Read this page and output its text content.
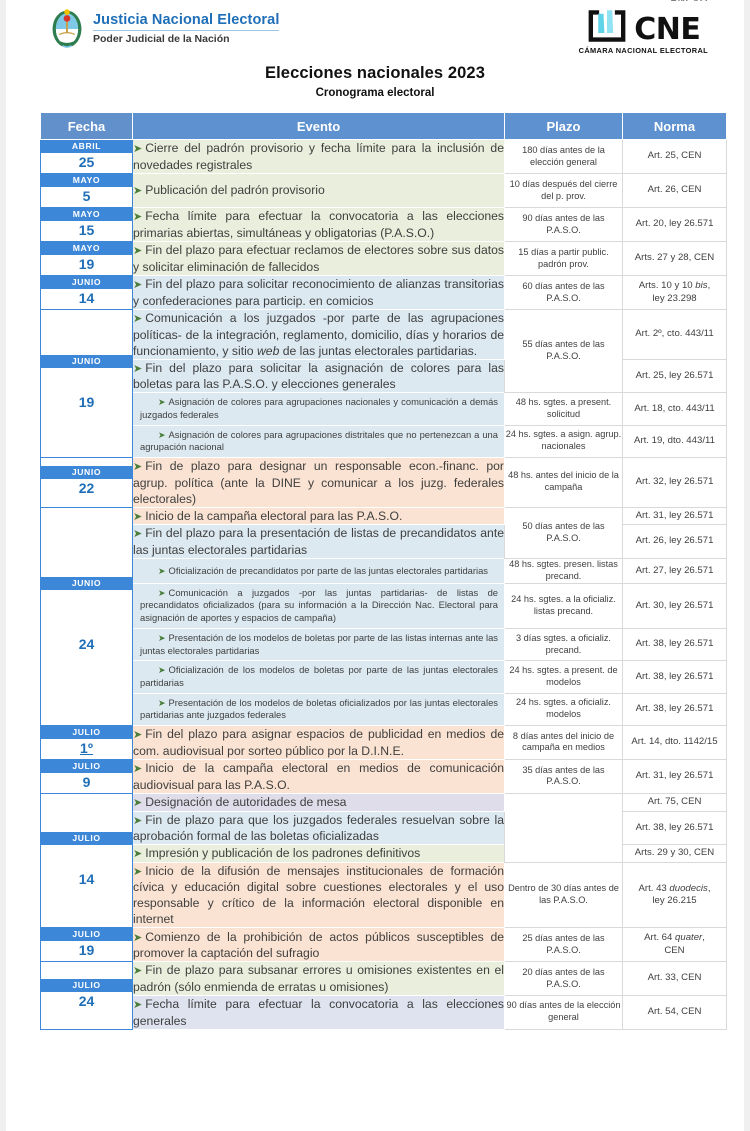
Justicia Nacional Electoral
Poder Judicial de la Nación	CNE
CÁMARA NACIONAL ELECTORAL
Elecciones nacionales 2023
Cronograma electoral
Fecha	Evento	Plazo	Norma

ABRIL
25	➤ Cierre del padrón provisorio y fecha límite para la inclusión de novedades registrales	180 días antes de la elección general	Art. 25, CEN

MAYO
5	➤ Publicación del padrón provisorio	10 días después del cierre del p. prov.	Art. 26, CEN

MAYO
15	➤ Fecha límite para efectuar la convocatoria a las elecciones primarias abiertas, simultáneas y obligatorias (P.A.S.O.)	90 días antes de las P.A.S.O.	Art. 20, ley 26.571

MAYO
19	➤ Fin del plazo para efectuar reclamos de electores sobre sus datos y solicitar eliminación de fallecidos	15 días a partir public. padrón prov.	Arts. 27 y 28, CEN

JUNIO
14	➤ Fin del plazo para solicitar reconocimiento de alianzas transitorias y confederaciones para particip. en comicios	60 días antes de las P.A.S.O.	Arts. 10 y 10 bis,
ley 23.298

JUNIO
19	➤ Comunicación a los juzgados -por parte de las agrupaciones políticas- de la integración, reglamento, domicilio, días y horarios de funcionamiento, y sitio web de las juntas electorales partidarias.	55 días antes de las P.A.S.O.	Art. 2º, cto. 443/11
	➤ Fin del plazo para solicitar la asignación de colores para las boletas para las P.A.S.O. y elecciones generales		Art. 25, ley 26.571

	➤ Asignación de colores para agrupaciones nacionales y comunicación a demás juzgados federales	48 hs. sgtes. a present. solicitud	Art. 18, cto. 443/11

	➤ Asignación de colores para agrupaciones distritales que no pertenezcan a una agrupación nacional	24 hs. sgtes. a asign. agrup. nacionales	Art. 19, dto. 443/11

JUNIO
22	➤ Fin de plazo para designar un responsable econ.-financ. por agrup. política (ante la DINE y comunicar a los juzg. federales electorales)	48 hs. antes del inicio de la campaña	Art. 32, ley 26.571

JUNIO
24	➤ Inicio de la campaña electoral para las P.A.S.O.	50 días antes de las P.A.S.O.	Art. 31, ley 26.571
	➤ Fin del plazo para la presentación de listas de precandidatos ante las juntas electorales partidarias		Art. 26, ley 26.571

	➤ Oficialización de precandidatos por parte de las juntas electorales partidarias	48 hs. sgtes. presen. listas precand.	Art. 27, ley 26.571

	➤ Comunicación a juzgados -por las juntas partidarias- de listas de precandidatos oficializados (para su información a la Dirección Nac. Electoral para asignación de aportes y espacios de campaña)	24 hs. sgtes. a la oficializ. listas precand.	Art. 30, ley 26.571

	➤ Presentación de los modelos de boletas por parte de las listas internas ante las juntas electorales partidarias	3 días sgtes. a oficializ. precand.	Art. 38, ley 26.571

	➤ Oficialización de los modelos de boletas por parte de las juntas electorales partidarias	24 hs. sgtes. a present. de modelos	Art. 38, ley 26.571

	➤ Presentación de los modelos de boletas oficializados por las juntas electorales partidarias ante juzgados federales	24 hs. sgtes. a oficializ. modelos	Art. 38, ley 26.571

JULIO
1º	➤ Fin del plazo para asignar espacios de publicidad en medios de com. audiovisual por sorteo público por la D.I.N.E.	8 días antes del inicio de campaña en medios	Art. 14, dto. 1142/15

JULIO
9	➤ Inicio de la campaña electoral en medios de comunicación audiovisual para las P.A.S.O.	35 días antes de las P.A.S.O.	Art. 31, ley 26.571

JULIO
14	➤ Designación de autoridades de mesa		Art. 75, CEN
	➤ Fin de plazo para que los juzgados federales resuelvan sobre la aprobación formal de las boletas oficializadas		Art. 38, ley 26.571
	➤ Impresión y publicación de los padrones definitivos		Arts. 29 y 30, CEN
	➤ Inicio de la difusión de mensajes institucionales de formación cívica y educación digital sobre cuestiones electorales y el uso responsable y crítico de la información electoral disponible en internet	Dentro de 30 días antes de las P.A.S.O.	Art. 43 duodecis,
ley 26.215

JULIO
19	➤ Comienzo de la prohibición de actos públicos susceptibles de promover la captación del sufragio	25 días antes de las P.A.S.O.	Art. 64 quater,
CEN

JULIO
24	➤ Fin de plazo para subsanar errores u omisiones existentes en el padrón (sólo enmienda de erratas u omisiones)	20 días antes de las P.A.S.O.	Art. 33, CEN
	➤ Fecha límite para efectuar la convocatoria a las elecciones generales	90 días antes de la elección general	Art. 54, CEN
